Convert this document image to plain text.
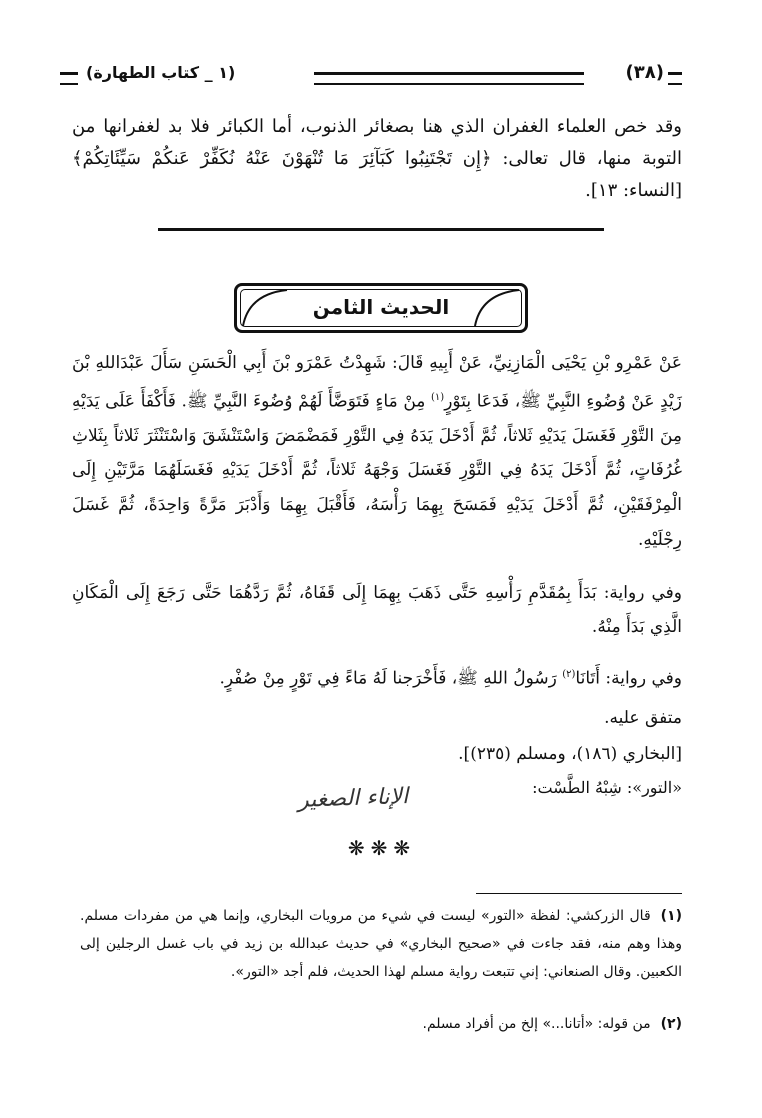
(٣٨)
(١ _ كتاب الطهارة)

وقد خص العلماء الغفران الذي هنا بصغائر الذنوب، أما الكبائر فلا بد لغفرانها من التوبة منها، قال تعالى: ﴿إِن تَجْتَنِبُوا كَبَآئِرَ مَا تُنْهَوْنَ عَنْهُ نُكَفِّرْ عَنكُمْ سَيِّئَاتِكُمْ﴾ [النساء: ١٣].

الحديث الثامن

عَنْ عَمْرِو بْنِ يَحْيَى الْمَازِنِيِّ، عَنْ أَبِيهِ قَالَ: شَهِدْتُ عَمْرَو بْنَ أَبِي الْحَسَنِ سَأَلَ عَبْدَاللهِ بْنَ زَيْدٍ عَنْ وُضُوءِ النَّبِيِّ ﷺ، فَدَعَا بِتَوْرٍ$^{(١)}$ مِنْ مَاءٍ فَتَوَضَّأَ لَهُمْ وُضُوءَ النَّبِيِّ ﷺ. فَأَكْفَأَ عَلَى يَدَيْهِ مِنَ التَّوْرِ فَغَسَلَ يَدَيْهِ ثَلاثاً، ثُمَّ أَدْخَلَ يَدَهُ فِي التَّوْرِ فَمَضْمَضَ وَاسْتَنْشَقَ وَاسْتَنْثَرَ ثَلاثاً بِثَلاثِ غُرُفَاتٍ، ثُمَّ أَدْخَلَ يَدَهُ فِي التَّوْرِ فَغَسَلَ وَجْهَهُ ثَلاثاً، ثُمَّ أَدْخَلَ يَدَيْهِ فَغَسَلَهُمَا مَرَّتَيْنِ إِلَى الْمِرْفَقَيْنِ، ثُمَّ أَدْخَلَ يَدَيْهِ فَمَسَحَ بِهِمَا رَأْسَهُ، فَأَقْبَلَ بِهِمَا وَأَدْبَرَ مَرَّةً وَاحِدَةً، ثُمَّ غَسَلَ رِجْلَيْهِ.

وفي رواية: بَدَأَ بِمُقَدَّمِ رَأْسِهِ حَتَّى ذَهَبَ بِهِمَا إِلَى قَفَاهُ، ثُمَّ رَدَّهُمَا حَتَّى رَجَعَ إِلَى الْمَكَانِ الَّذِي بَدَأَ مِنْهُ.

وفي رواية: أَتَانَا$^{(٢)}$ رَسُولُ اللهِ ﷺ، فَأَخْرَجنا لَهُ مَاءً فِي تَوْرٍ مِنْ صُفْرٍ.

متفق عليه.

[البخاري (١٨٦)، ومسلم (٢٣٥)].

«التور»: شِبْهُ الطَّسْت:

الإناء الصغير
❋❋❋

(١)قال الزركشي: لفظة «التور» ليست في شيء من مرويات البخاري، وإنما هي من مفردات مسلم. وهذا وهم منه، فقد جاءت في «صحيح البخاري» في حديث عبدالله بن زيد في باب غسل الرجلين إلى الكعبين. وقال الصنعاني: إني تتبعت رواية مسلم لهذا الحديث، فلم أجد «التور».

(٢)من قوله: «أتانا...» إلخ من أفراد مسلم.
